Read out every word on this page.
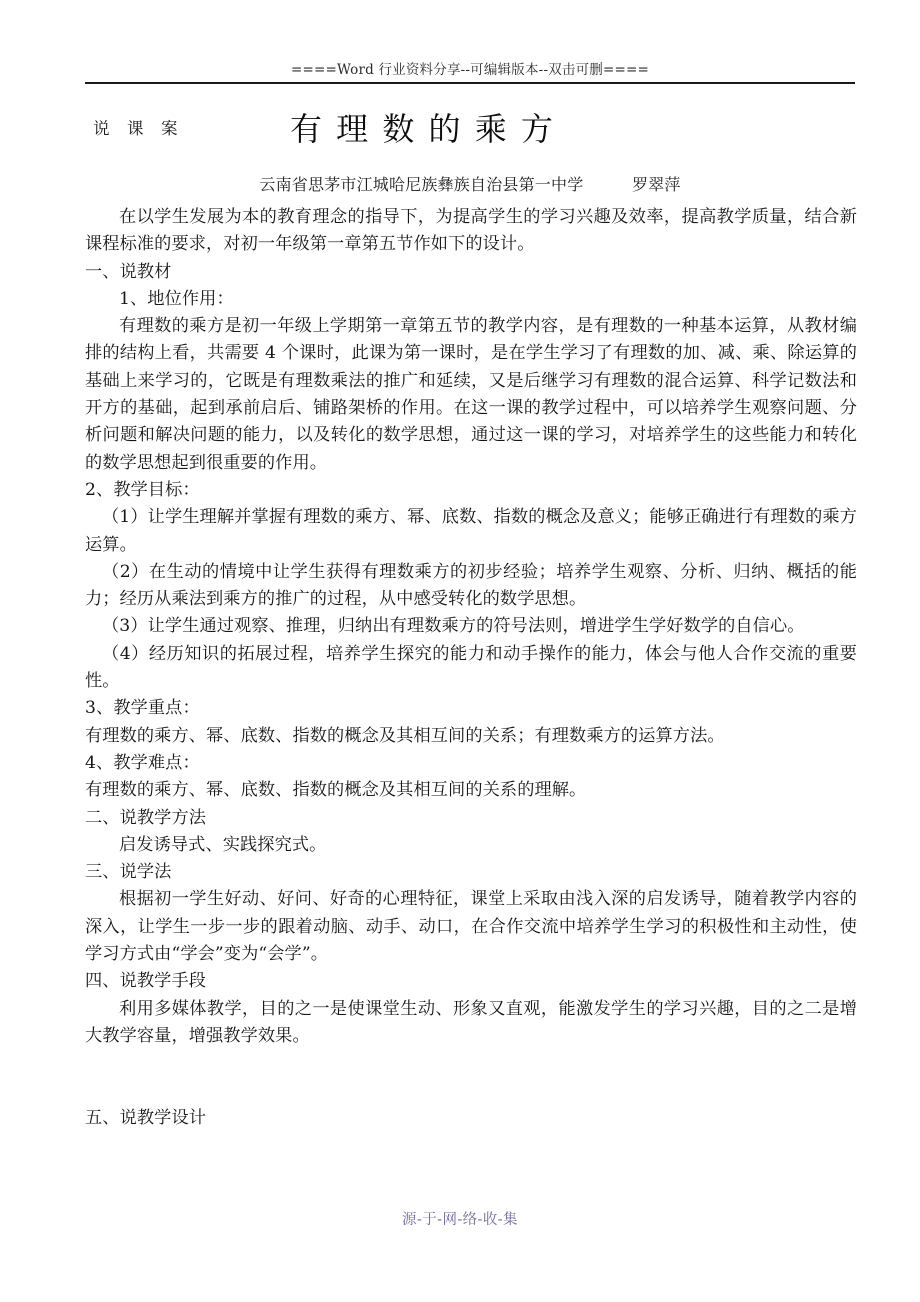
====Word 行业资料分享--可编辑版本--双击可删====
说　课　案	有 理 数 的 乘 方
云南省思茅市江城哈尼族彝族自治县第一中学　　　罗翠萍

在以学生发展为本的教育理念的指导下，为提高学生的学习兴趣及效率，提高教学质量，结合新课程标准的要求，对初一年级第一章第五节作如下的设计。

一、说教材

1、地位作用：

有理数的乘方是初一年级上学期第一章第五节的教学内容，是有理数的一种基本运算，从教材编排的结构上看，共需要 4 个课时，此课为第一课时，是在学生学习了有理数的加、减、乘、除运算的基础上来学习的，它既是有理数乘法的推广和延续，又是后继学习有理数的混合运算、科学记数法和开方的基础，起到承前启后、铺路架桥的作用。在这一课的教学过程中，可以培养学生观察问题、分析问题和解决问题的能力，以及转化的数学思想，通过这一课的学习，对培养学生的这些能力和转化的数学思想起到很重要的作用。

2、教学目标：

（1）让学生理解并掌握有理数的乘方、幂、底数、指数的概念及意义；能够正确进行有理数的乘方运算。

（2）在生动的情境中让学生获得有理数乘方的初步经验；培养学生观察、分析、归纳、概括的能力；经历从乘法到乘方的推广的过程，从中感受转化的数学思想。

（3）让学生通过观察、推理，归纳出有理数乘方的符号法则，增进学生学好数学的自信心。

（4）经历知识的拓展过程，培养学生探究的能力和动手操作的能力，体会与他人合作交流的重要性。

3、教学重点：

有理数的乘方、幂、底数、指数的概念及其相互间的关系；有理数乘方的运算方法。

4、教学难点：

有理数的乘方、幂、底数、指数的概念及其相互间的关系的理解。

二、说教学方法

启发诱导式、实践探究式。

三、说学法

根据初一学生好动、好问、好奇的心理特征，课堂上采取由浅入深的启发诱导，随着教学内容的深入，让学生一步一步的跟着动脑、动手、动口，在合作交流中培养学生学习的积极性和主动性，使学习方式由“学会”变为“会学”。

四、说教学手段

利用多媒体教学，目的之一是使课堂生动、形象又直观，能激发学生的学习兴趣，目的之二是增大教学容量，增强教学效果。

五、说教学设计

源-于-网-络-收-集
